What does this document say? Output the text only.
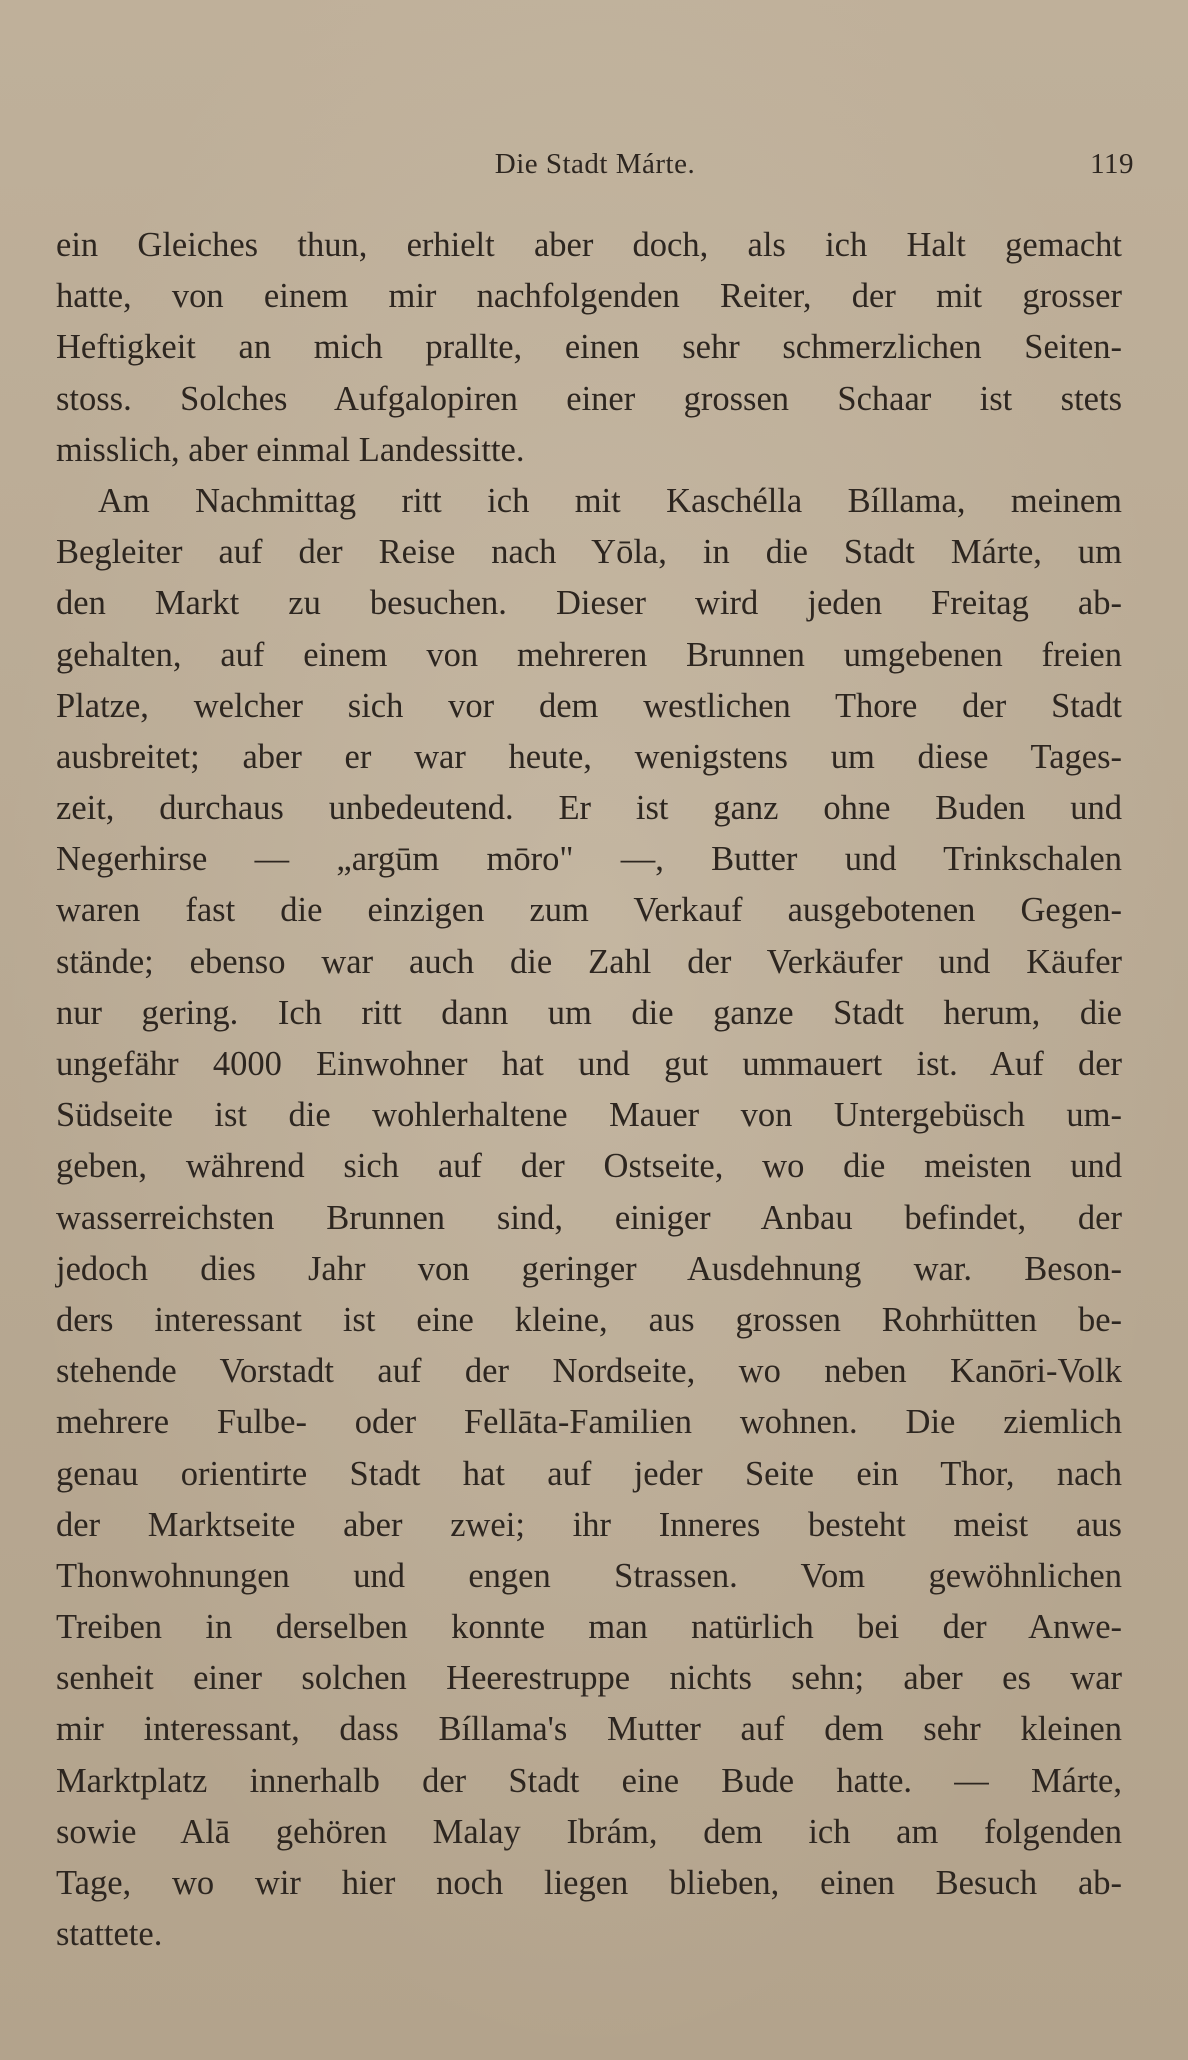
Die Stadt Márte.	119
ein Gleiches thun, erhielt aber doch, als ich Halt gemacht
hatte, von einem mir nachfolgenden Reiter, der mit grosser
Heftigkeit an mich prallte, einen sehr schmerzlichen Seiten-
stoss. Solches Aufgalopiren einer grossen Schaar ist stets
misslich, aber einmal Landessitte.
Am Nachmittag ritt ich mit Kaschélla Bíllama, meinem
Begleiter auf der Reise nach Yōla, in die Stadt Márte, um
den Markt zu besuchen. Dieser wird jeden Freitag ab-
gehalten, auf einem von mehreren Brunnen umgebenen freien
Platze, welcher sich vor dem westlichen Thore der Stadt
ausbreitet; aber er war heute, wenigstens um diese Tages-
zeit, durchaus unbedeutend. Er ist ganz ohne Buden und
Negerhirse — „argūm mōro" —, Butter und Trinkschalen
waren fast die einzigen zum Verkauf ausgebotenen Gegen-
stände; ebenso war auch die Zahl der Verkäufer und Käufer
nur gering. Ich ritt dann um die ganze Stadt herum, die
ungefähr 4000 Einwohner hat und gut ummauert ist. Auf der
Südseite ist die wohlerhaltene Mauer von Untergebüsch um-
geben, während sich auf der Ostseite, wo die meisten und
wasserreichsten Brunnen sind, einiger Anbau befindet, der
jedoch dies Jahr von geringer Ausdehnung war. Beson-
ders interessant ist eine kleine, aus grossen Rohrhütten be-
stehende Vorstadt auf der Nordseite, wo neben Kanōri-Volk
mehrere Fulbe- oder Fellāta-Familien wohnen. Die ziemlich
genau orientirte Stadt hat auf jeder Seite ein Thor, nach
der Marktseite aber zwei; ihr Inneres besteht meist aus
Thonwohnungen und engen Strassen. Vom gewöhnlichen
Treiben in derselben konnte man natürlich bei der Anwe-
senheit einer solchen Heerestruppe nichts sehn; aber es war
mir interessant, dass Bíllama's Mutter auf dem sehr kleinen
Marktplatz innerhalb der Stadt eine Bude hatte. — Márte,
sowie Alā gehören Malay Ibrám, dem ich am folgenden
Tage, wo wir hier noch liegen blieben, einen Besuch ab-
stattete.
